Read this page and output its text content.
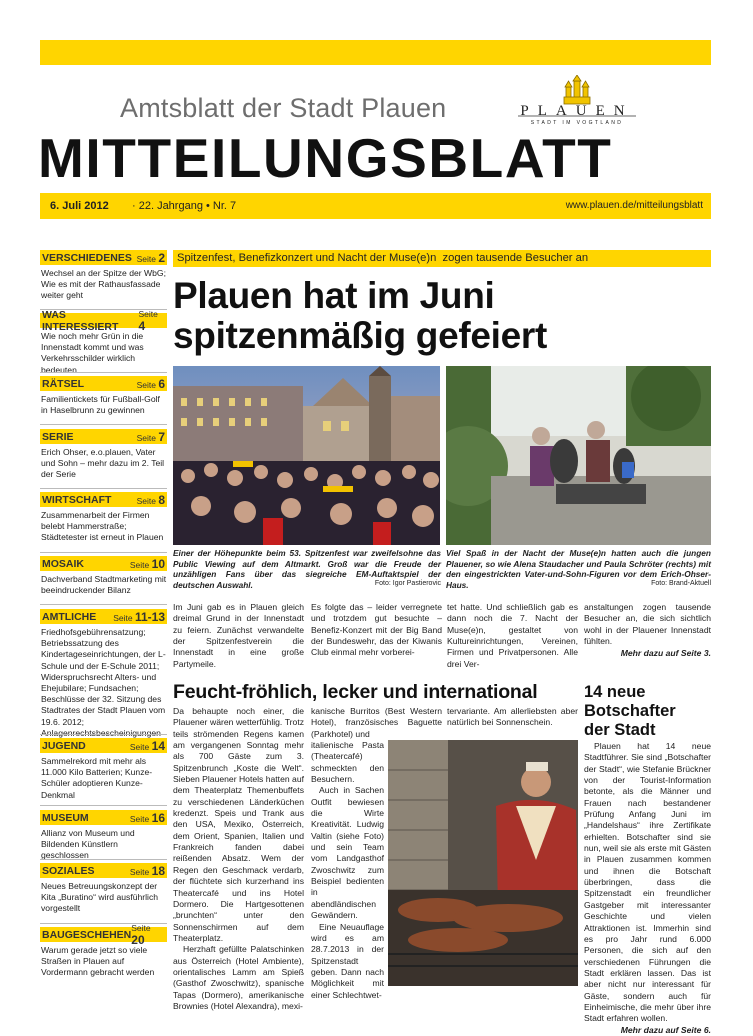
Amtsblatt der Stadt Plauen	PLAUEN
STADT IM VOGTLAND
MITTEILUNGSBLATT
6. Juli 2012 · 22. Jahrgang • Nr. 7	www.plauen.de/mitteilungsblatt
VERSCHIEDENES Seite 2
Wechsel an der Spitze der WbG; Wie es mit der Rathausfassade weiter geht
WAS INTERESSIERT
Seite 4
Wie noch mehr Grün in die Innenstadt kommt und was Verkehrsschilder wirklich bedeuten
RÄTSEL	Seite 6
Familientickets für Fußball-Golf in Haselbrunn zu gewinnen
SERIE	Seite 7
Erich Ohser, e.o.plauen, Vater und Sohn – mehr dazu im 2. Teil der Serie
WIRTSCHAFT	Seite 8
Zusammenarbeit der Firmen belebt Hammerstraße; Städtetester ist erneut in Plauen
MOSAIK	Seite 10
Dachverband Stadtmarketing mit beeindruckender Bilanz
AMTLICHE Seite 11-13
Friedhofsgebührensatzung; Betriebssatzung des Kindertageseinrichtungen, der L-Schule und der E-Schule 2011; Widerspruchsrecht Alters- und Ehejubilare; Fundsachen; Beschlüsse der 32. Sitzung des Stadtrates der Stadt Plauen vom 19.6. 2012; Anlagenrechtsbescheinigungen
JUGEND	Seite 14
Sammelrekord mit mehr als 11.000 Kilo Batterien; Kunze-Schüler adoptieren Kunze-Denkmal
MUSEUM	Seite 16
Allianz von Museum und Bildenden Künstlern geschlossen
SOZIALES	Seite 18
Neues Betreuungskonzept der Kita „Buratino“ wird ausführlich vorgestellt
BAUGESCHEHEN
Seite 20
Warum gerade jetzt so viele Straßen in Plauen auf Vordermann gebracht werden
Spitzenfest, Benefizkonzert und Nacht der Muse(e)n  zogen tausende Besucher an
Plauen hat im Juni
spitzenmäßig gefeiert
Einer der Höhepunkte beim 53. Spitzenfest war zweifelsohne das Public Viewing auf dem Altmarkt. Groß war die Freude der unzähligen Fans über das siegreiche EM-Auftaktspiel der deutschen Auswahl.	Foto: Igor Pastierovic
Viel Spaß in der Nacht der Muse(e)n hatten auch die jungen Plauener, so wie Alena Staudacher und Paula Schröter (rechts) mit den eingestrickten Vater-und-Sohn-Figuren vor dem Erich-Ohser-Haus.	Foto: Brand-Aktuell
Im Juni gab es in Plauen gleich dreimal Grund in der Innenstadt zu feiern. Zunächst verwandelte der Spitzenfestverein die Innenstadt in eine große Partymeile.
Es folgte das – leider verregnete und trotzdem gut besuchte – Benefiz-Konzert mit der Big Band der Bundeswehr, das der Kiwanis Club einmal mehr vorberei-
tet hatte. Und schließlich gab es dann noch die 7. Nacht der Muse(e)n, gestaltet von Kultureinrichtungen, Vereinen, Firmen und Privatpersonen. Alle drei Ver-
anstaltungen zogen tausende Besucher an, die sich sichtlich wohl in der Plauener Innenstadt fühlten.
Mehr dazu auf Seite 3.
Feucht-fröhlich, lecker und international
Da behaupte noch einer, die Plauener wären wetterfühlig. Trotz teils strömenden Regens kamen am vergangenen Sonntag mehr als 700 Gäste zum 3. Spitzenbrunch „Koste die Welt“. Sieben Plauener Hotels hatten auf dem Theaterplatz Themenbuffets zu verschiedenen Länderküchen kredenzt. Speis und Trank aus den USA, Mexiko, Österreich, dem Orient, Spanien, Italien und Frankreich fanden dabei reißenden Absatz. Wem der Regen den Geschmack verdarb, der flüchtete sich kurzerhand ins Theatercafé und ins Hotel Dormero. Die Hartgesottenen „brunchten“ unter den Sonnenschirmen auf dem Theaterplatz.
Herzhaft gefüllte Palatschinken aus Österreich (Hotel Ambiente), orientalisches Lamm am Spieß (Gasthof Zwoschwitz), spanische Tapas (Dormero), amerikanische Brownies (Hotel Alexandra), mexi-
kanische Burritos (Best Western Hotel), französisches Baguette (Parkhotel) und
tervariante. Am allerliebsten aber natürlich bei Sonnenschein.
italienische Pasta (Theatercafé) schmeckten den Besuchern.
Auch in Sachen Outfit bewiesen die Wirte Kreativität. Ludwig Valtin (siehe Foto) und sein Team vom Landgasthof Zwoschwitz zum Beispiel bedienten in abendländischen Gewändern.
Eine Neuauflage wird es am 28.7.2013 in der Spitzenstadt geben. Dann nach Möglichkeit mit einer Schlechtwet-
14 neue
Botschafter
der Stadt
Plauen hat 14 neue Stadtführer. Sie sind „Botschafter der Stadt“, wie Stefanie Brückner von der Tourist-Information betonte, als die Männer und Frauen nach bestandener Prüfung Anfang Juni im „Handelshaus“ ihre Zertifikate erhielten. Botschafter sind sie nun, weil sie als erste mit Gästen in Plauen zusammen kommen und ihnen die Botschaft überbringen, dass die Spitzenstadt ein freundlicher Gastgeber mit interessanter Geschichte und vielen Attraktionen ist. Immerhin sind es pro Jahr rund 6.000 Personen, die sich auf den verschiedenen Führungen die Stadt erklären lassen. Das ist aber nicht nur interessant für Gäste, sondern auch für Einheimische, die mehr über ihre Stadt erfahren wollen.
Mehr dazu auf Seite 6.
